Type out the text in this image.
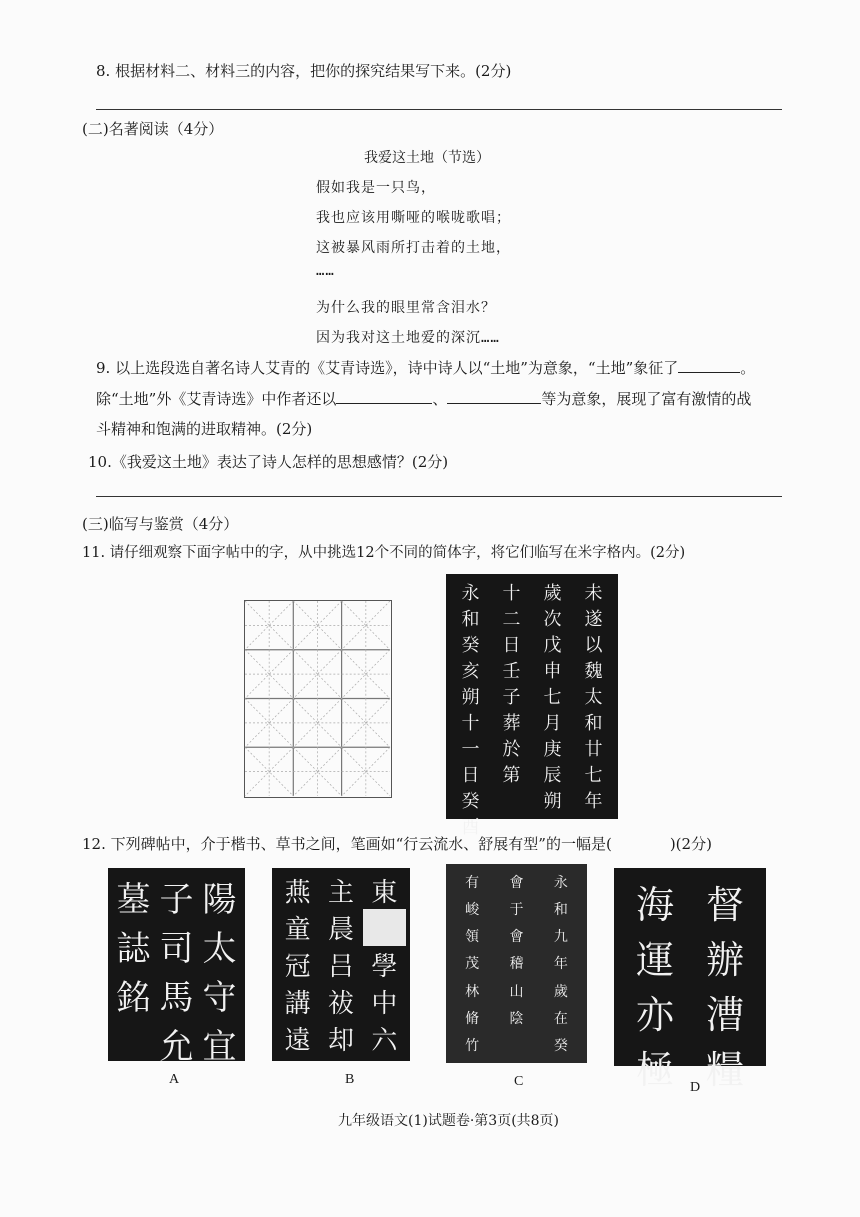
8. 根据材料二、材料三的内容，把你的探究结果写下来。(2分)
(二)名著阅读（4分）
我爱这土地（节选）
假如我是一只鸟，
我也应该用嘶哑的喉咙歌唱；
这被暴风雨所打击着的土地，
……
为什么我的眼里常含泪水？
因为我对这土地爱的深沉……
9. 以上选段选自著名诗人艾青的《艾青诗选》，诗中诗人以“土地”为意象，“土地”象征了	。
除“土地”外《艾青诗选》中作者还以	、	等为意象，展现了富有激情的战
斗精神和饱满的进取精神。(2分)
10.《我爱这土地》表达了诗人怎样的思想感情？(2分)
(三)临写与鉴赏（4分）
11. 请仔细观察下面字帖中的字，从中挑选12个不同的简体字，将它们临写在米字格内。(2分)
永
和
癸
亥
朔
十
一
日
癸
酉
十
二
日
壬
子
葬
於
第
歲
次
戊
申
七
月
庚
辰
朔
未
遂
以
魏
太
和
廿
七
年
12. 下列碑帖中，介于楷书、草书之间，笔画如“行云流水、舒展有型”的一幅是(	)(2分)
墓
誌
銘
子
司
馬
允
陽
太
守
宜
燕
童
冠
講
遠
主
晨
吕
祓
却
東
學
中
六
有
峻
領
茂
林
脩
竹
會
于
會
稽
山
陰
永
和
九
年
歲
在
癸
海
運
亦
極
督
辦
漕
糧
A	B	C	D
九年级语文(1)试题卷·第3页(共8页)
